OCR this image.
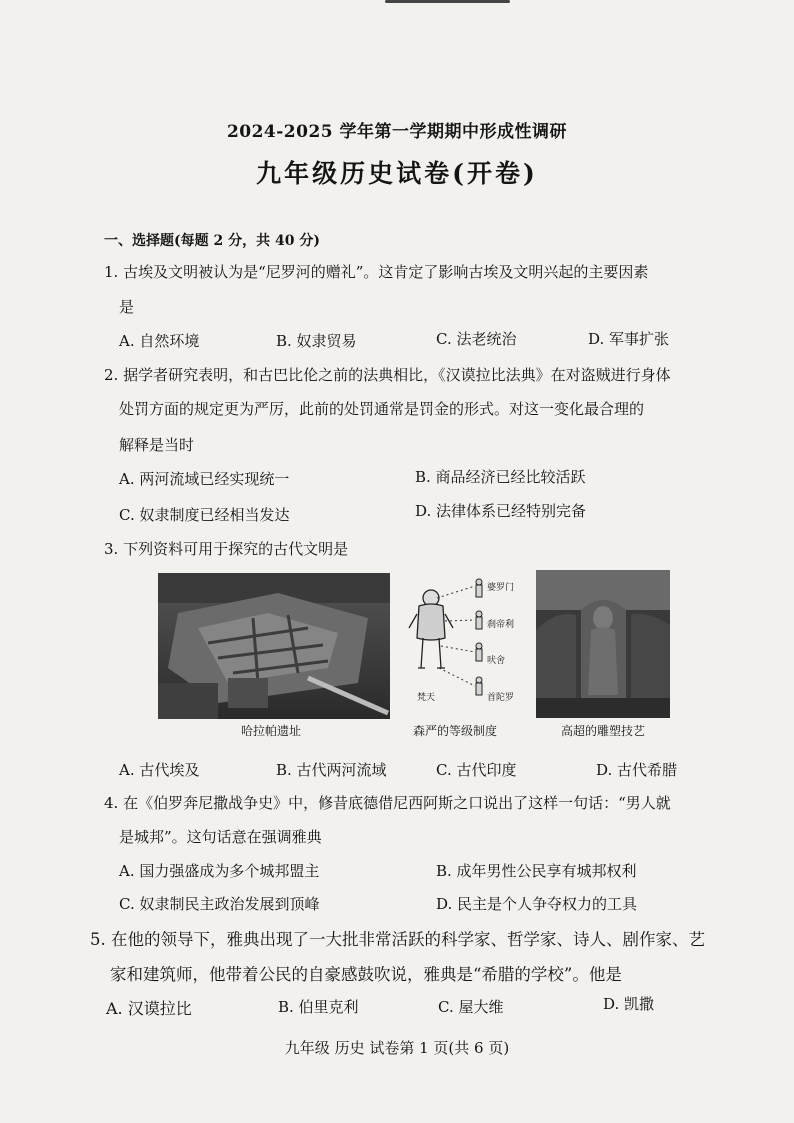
2024-2025 学年第一学期期中形成性调研
九年级历史试卷(开卷)
一、选择题(每题 2 分，共 40 分)
1. 古埃及文明被认为是“尼罗河的赠礼”。这肯定了影响古埃及文明兴起的主要因素
是
A. 自然环境	B. 奴隶贸易	C. 法老统治	D. 军事扩张
2. 据学者研究表明，和古巴比伦之前的法典相比，《汉谟拉比法典》在对盗贼进行身体
处罚方面的规定更为严厉，此前的处罚通常是罚金的形式。对这一变化最合理的
解释是当时
A. 两河流域已经实现统一	B. 商品经济已经比较活跃
C. 奴隶制度已经相当发达	D. 法律体系已经特别完备
3. 下列资料可用于探究的古代文明是
哈拉帕遗址
婆罗门
刹帝利
吠舍
首陀罗
梵天
森严的等级制度	高超的雕塑技艺
A. 古代埃及	B. 古代两河流域	C. 古代印度	D. 古代希腊
4. 在《伯罗奔尼撒战争史》中，修昔底德借尼西阿斯之口说出了这样一句话：“男人就
是城邦”。这句话意在强调雅典
A. 国力强盛成为多个城邦盟主	B. 成年男性公民享有城邦权利
C. 奴隶制民主政治发展到顶峰	D. 民主是个人争夺权力的工具
5. 在他的领导下，雅典出现了一大批非常活跃的科学家、哲学家、诗人、剧作家、艺
家和建筑师，他带着公民的自豪感鼓吹说，雅典是“希腊的学校”。他是
A. 汉谟拉比	B. 伯里克利	C. 屋大维	D. 凯撒
九年级 历史 试卷第 1 页(共 6 页)
